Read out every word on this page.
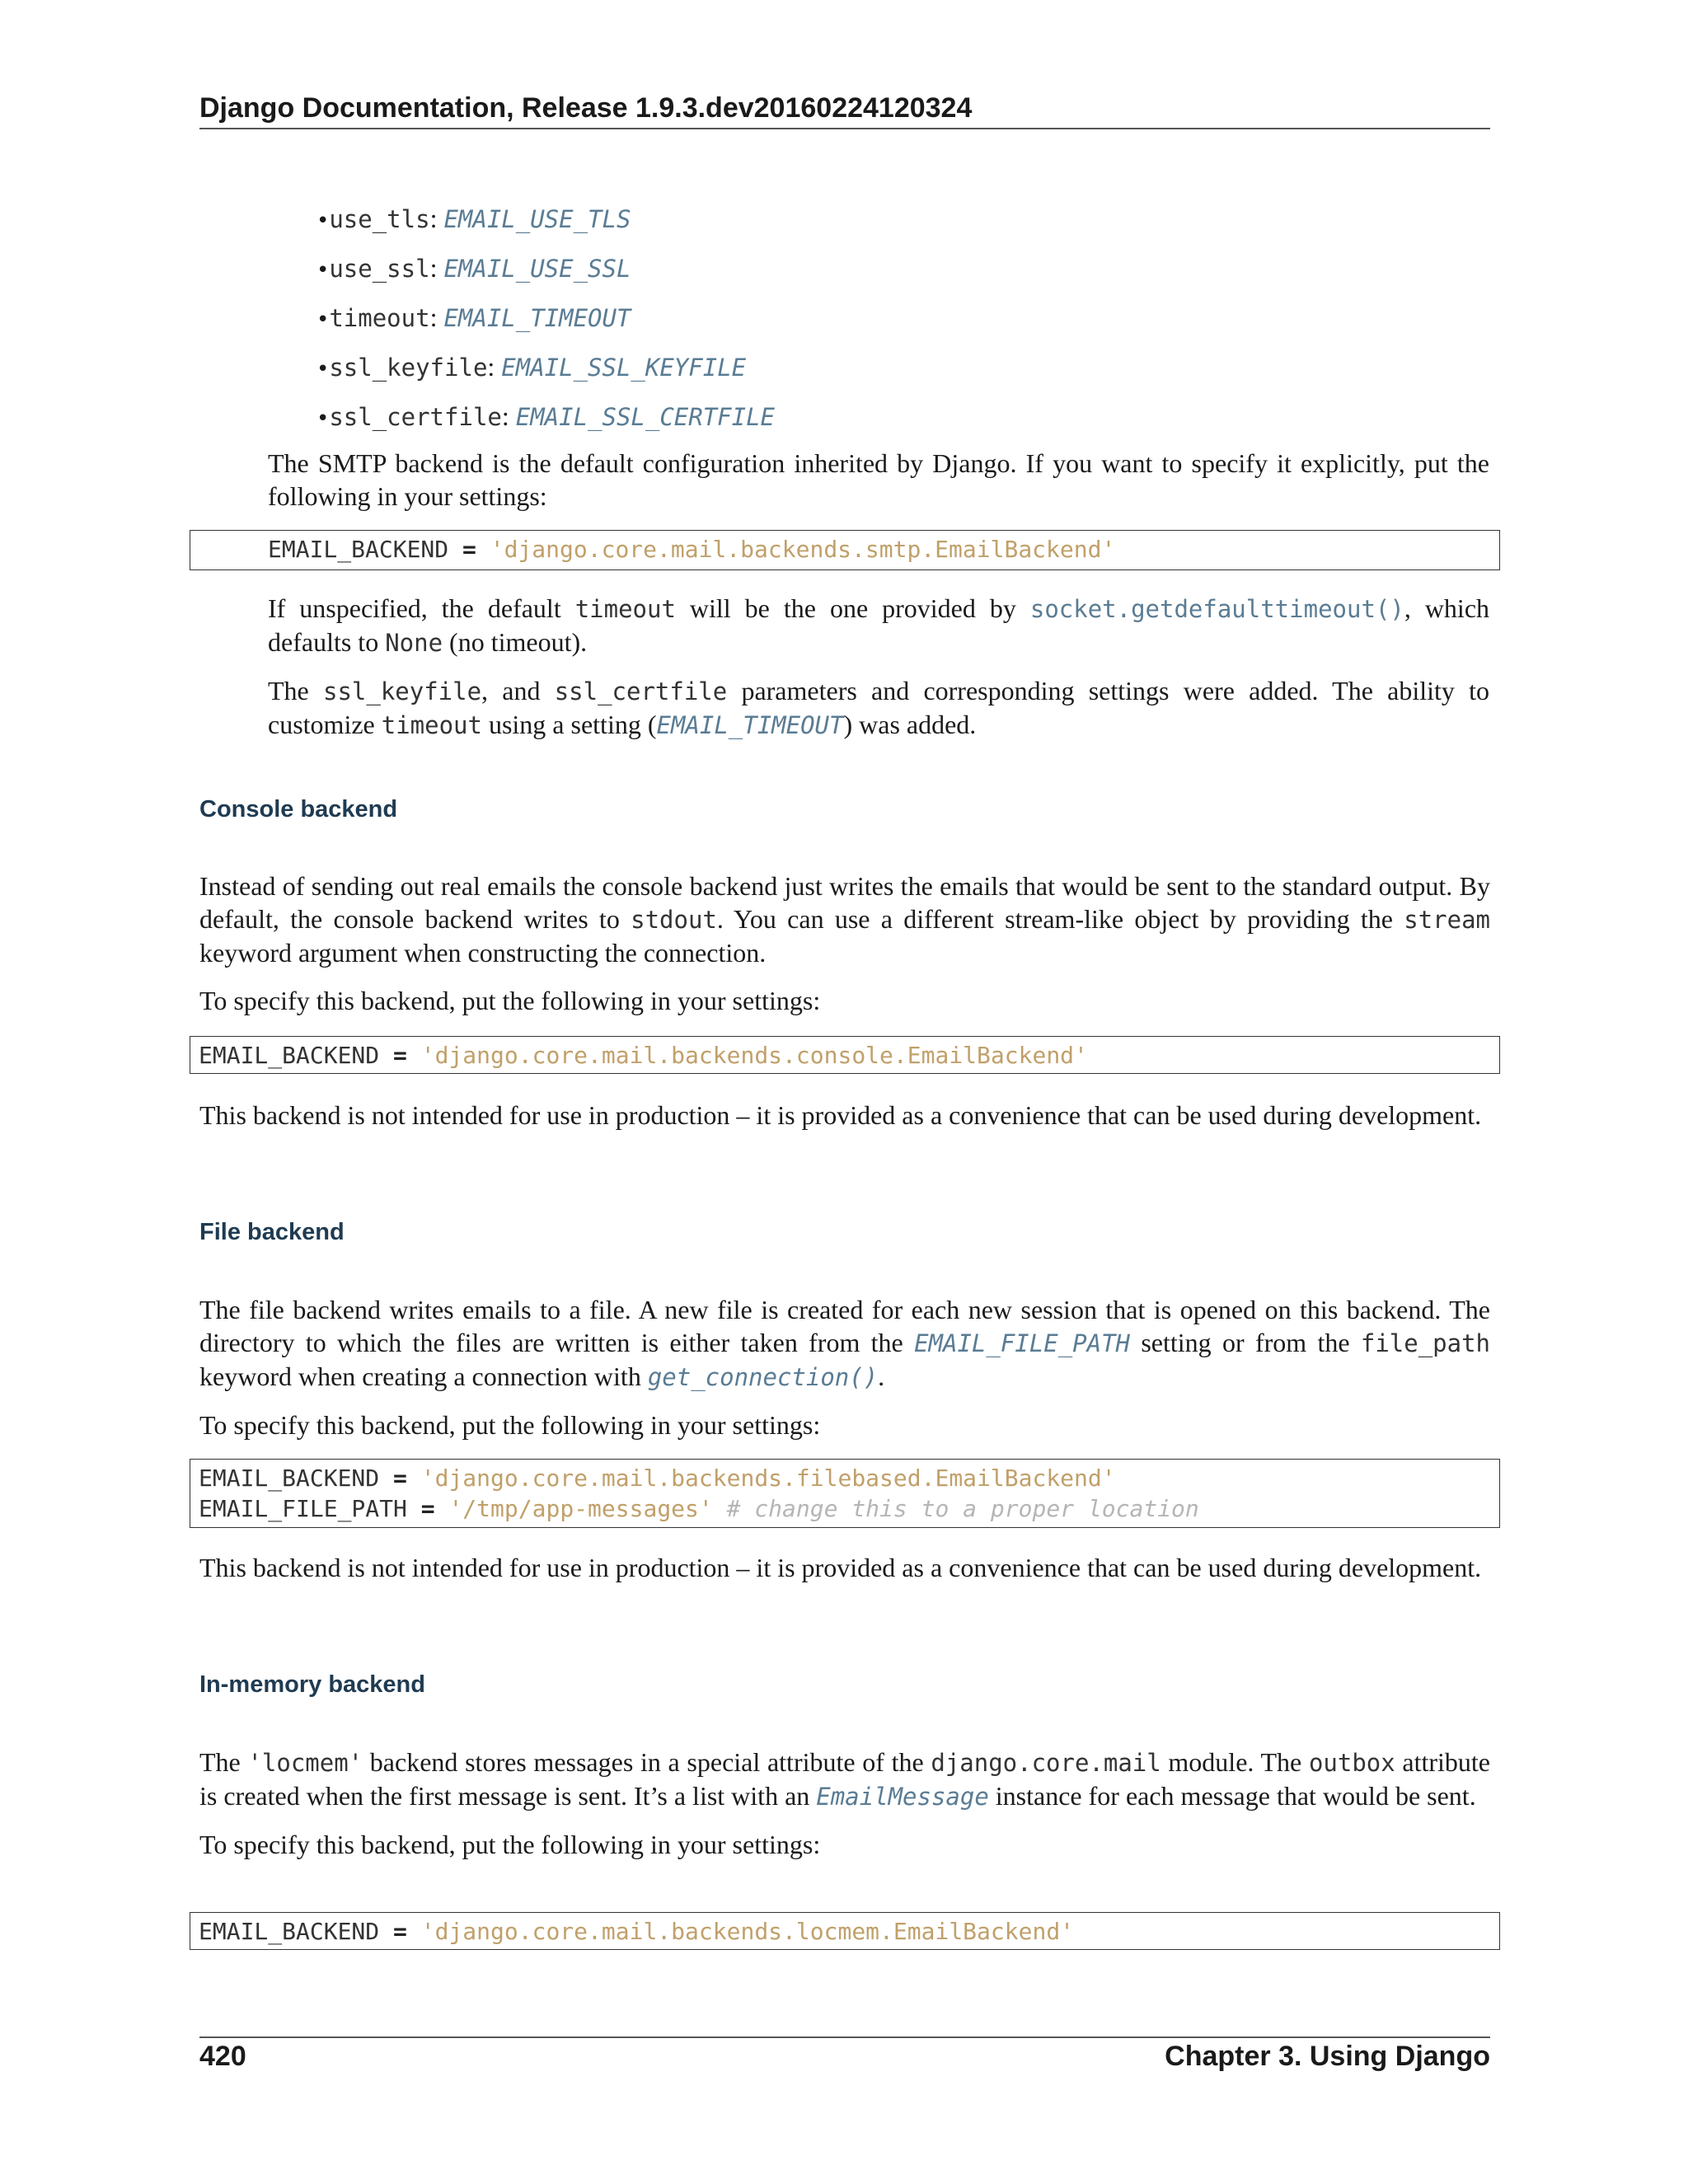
Django Documentation, Release 1.9.3.dev20160224120324
•use_tls: EMAIL_USE_TLS
•use_ssl: EMAIL_USE_SSL
•timeout: EMAIL_TIMEOUT
•ssl_keyfile: EMAIL_SSL_KEYFILE
•ssl_certfile: EMAIL_SSL_CERTFILE

The SMTP backend is the default configuration inherited by Django. If you want to specify it explicitly, put the following in your settings:

EMAIL_BACKEND = 'django.core.mail.backends.smtp.EmailBackend'

If unspecified, the default timeout will be the one provided by socket.getdefaulttimeout(), which defaults to None (no timeout).

The ssl_keyfile, and ssl_certfile parameters and corresponding settings were added. The ability to customize timeout using a setting (EMAIL_TIMEOUT) was added.

Console backend

Instead of sending out real emails the console backend just writes the emails that would be sent to the standard output. By default, the console backend writes to stdout. You can use a different stream-like object by providing the stream keyword argument when constructing the connection.

To specify this backend, put the following in your settings:

EMAIL_BACKEND = 'django.core.mail.backends.console.EmailBackend'

This backend is not intended for use in production – it is provided as a convenience that can be used during development.

File backend

The file backend writes emails to a file. A new file is created for each new session that is opened on this backend. The directory to which the files are written is either taken from the EMAIL_FILE_PATH setting or from the file_path keyword when creating a connection with get_connection().

To specify this backend, put the following in your settings:

EMAIL_BACKEND = 'django.core.mail.backends.filebased.EmailBackend'
EMAIL_FILE_PATH = '/tmp/app-messages' # change this to a proper location

This backend is not intended for use in production – it is provided as a convenience that can be used during development.

In-memory backend

The 'locmem' backend stores messages in a special attribute of the django.core.mail module. The outbox attribute is created when the first message is sent. It’s a list with an EmailMessage instance for each message that would be sent.

To specify this backend, put the following in your settings:

EMAIL_BACKEND = 'django.core.mail.backends.locmem.EmailBackend'
420	Chapter 3. Using Django
